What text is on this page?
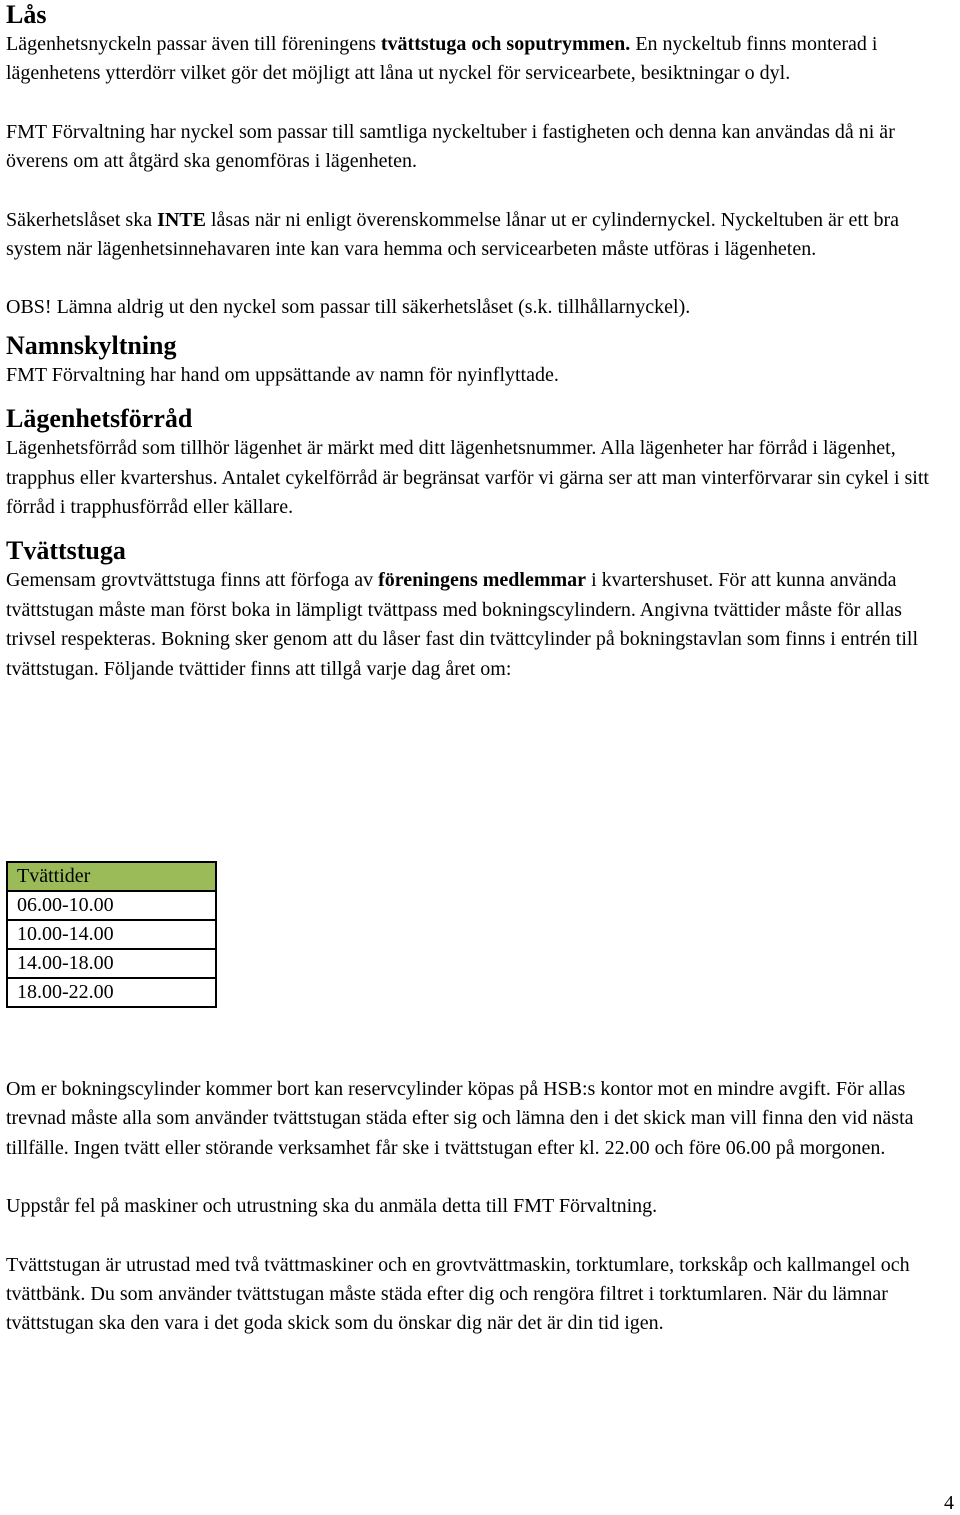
Lås

Lägenhetsnyckeln passar även till föreningens tvättstuga och soputrymmen. En nyckeltub finns monterad i lägenhetens ytterdörr vilket gör det möjligt att låna ut nyckel för servicearbete, besiktningar o dyl.

FMT Förvaltning har nyckel som passar till samtliga nyckeltuber i fastigheten och denna kan användas då ni är överens om att åtgärd ska genomföras i lägenheten.

Säkerhetslåset ska INTE låsas när ni enligt överenskommelse lånar ut er cylindernyckel. Nyckeltuben är ett bra system när lägenhetsinnehavaren inte kan vara hemma och servicearbeten måste utföras i lägenheten.

OBS! Lämna aldrig ut den nyckel som passar till säkerhetslåset (s.k. tillhållarnyckel).

Namnskyltning

FMT Förvaltning har hand om uppsättande av namn för nyinflyttade.

Lägenhetsförråd

Lägenhetsförråd som tillhör lägenhet är märkt med ditt lägenhetsnummer. Alla lägenheter har förråd i lägenhet, trapphus eller kvartershus. Antalet cykelförråd är begränsat varför vi gärna ser att man vinterförvarar sin cykel i sitt förråd i trapphusförråd eller källare.

Tvättstuga

Gemensam grovtvättstuga finns att förfoga av föreningens medlemmar i kvartershuset. För att kunna använda tvättstugan måste man först boka in lämpligt tvättpass med bokningscylindern. Angivna tvättider måste för allas trivsel respekteras. Bokning sker genom att du låser fast din tvättcylinder på bokningstavlan som finns i entrén till tvättstugan. Följande tvättider finns att tillgå varje dag året om:

Tvättider
06.00-10.00
10.00-14.00
14.00-18.00
18.00-22.00

Om er bokningscylinder kommer bort kan reservcylinder köpas på HSB:s kontor mot en mindre avgift. För allas trevnad måste alla som använder tvättstugan städa efter sig och lämna den i det skick man vill finna den vid nästa tillfälle. Ingen tvätt eller störande verksamhet får ske i tvättstugan efter kl. 22.00 och före 06.00 på morgonen.

Uppstår fel på maskiner och utrustning ska du anmäla detta till FMT Förvaltning.

Tvättstugan är utrustad med två tvättmaskiner och en grovtvättmaskin, torktumlare, torkskåp och kallmangel och tvättbänk. Du som använder tvättstugan måste städa efter dig och rengöra filtret i torktumlaren. När du lämnar tvättstugan ska den vara i det goda skick som du önskar dig när det är din tid igen.

4
